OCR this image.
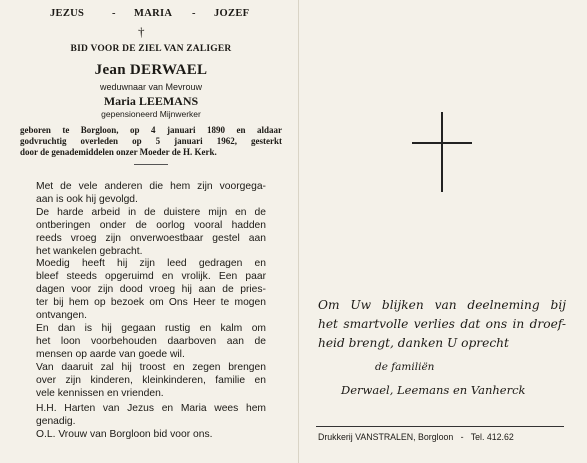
JEZUS	- MARIA - JOZEF
†
BID VOOR DE ZIEL VAN ZALIGER
Jean DERWAEL
weduwnaar van Mevrouw
Maria LEEMANS
gepensioneerd Mijnwerker
geboren te Borgloon, op 4 januari 1890 en aldaar
godvruchtig overleden op 5 januari 1962, gesterkt
door de genademiddelen onzer Moeder de H. Kerk.
Met de vele anderen die hem zijn voorgega-
aan is ook hij gevolgd.
De harde arbeid in de duistere mijn en de
ontberingen onder de oorlog vooral hadden
reeds vroeg zijn onverwoestbaar gestel aan
het wankelen gebracht.
Moedig heeft hij zijn leed gedragen en
bleef steeds opgeruimd en vrolijk. Een paar
dagen voor zijn dood vroeg hij aan de pries-
ter bij hem op bezoek om Ons Heer te mogen
ontvangen.
En dan is hij gegaan rustig en kalm om
het loon voorbehouden daarboven aan de
mensen op aarde van goede wil.
Van daaruit zal hij troost en zegen brengen
over zijn kinderen, kleinkinderen, familie en
vele kennissen en vrienden.
H.H. Harten van Jezus en Maria wees hem
genadig.
O.L. Vrouw van Borgloon bid voor ons.
Om Uw blijken van deelneming bij
het smartvolle verlies dat ons in droef-
heid brengt, danken U oprecht
de familiën
Derwael, Leemans en Vanherck
Drukkerij VANSTRALEN, Borgloon - Tel. 412.62
